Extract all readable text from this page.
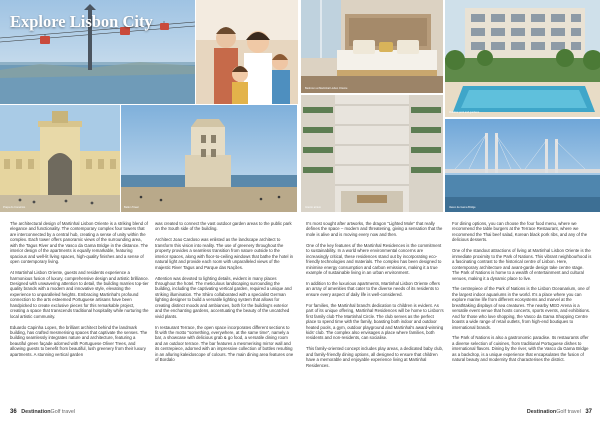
Explore Lisbon City
Bedroom at Martinhal Lisbon Oriente
Outdoor pool and gardens
Praça do Comércio	Belém Tower	Interior atrium	Vasco da Gama Bridge

The architectural design of Martinhal Lisbon Oriente is a striking blend of elegance and functionality. The contemporary complex four towers that are interconnected by a central hub, creating a sense of unity within the complex. Each tower offers panoramic views of the surrounding area, with the Tagus River and the Vasco da Gama Bridge in the distance. The interior design of the apartments is equally remarkable, featuring spacious and well-lit living spaces, high-quality finishes and a sense of open contemporary living.

At Martinhal Lisbon Oriente, guests and residents experience a harmonious fusion of luxury, comprehensive design and artistic brilliance. Designed with unwavering attention to detail, the building marries top-tier quality brands with a modern and innovative style, elevating the experience to unparalleled heights. Embracing Martinhal's profound connection to the arts esteemed Portuguese artisans have been handpicked to create exclusive pieces for this remarkable project, creating a space that transcends traditional hospitality while nurturing the local artistic community.

Eduardo Capinha Lopes, the brilliant architect behind the landmark building, has crafted mesmerising spaces that captivate the senses. The building seamlessly integrates nature and architecture, featuring a beautiful green façade adorned with Portuguese Oliver Trees, and allowing guests to benefit from beautiful, lush greenery from their luxury apartments. A stunning vertical garden

was created to connect the vast outdoor garden areas to the public park on the South side of the building.

Architect Joao Cardoso was enlisted as the landscape architect to transform this vision into reality. The use of greenery throughout the property provides a seamless transition from nature outside to the interior spaces, along with floor-to-ceiling windows that bathe the hotel in natural light and provide each room with unparalleled views of the majestic River Tagus and Parque das Nações.

Attention was devoted to lighting details, evident in many places throughout the hotel. The meticulous landscaping surrounding the building, including the captivating vertical garden, required a unique and striking illumination. The Shiiro collaborated with a specialist German lighting designer to build a versatile lighting system that allows for creating distinct moods and ambiances, both for the building's exterior and the enchanting gardens, accentuating the beauty of the uncatched vivid plants.

In restaurant Terrace, the open space incorporates different sections to fit with the motto "something, everywhere, at the same time", namely a bar, a showcase with delicious grab & go food, a versatile dining room and an outdoor terrace. The bar features a mesmerising mirror wall and its centrepiece, adorned with an impressive collection of bottles resulting in an alluring kaleidoscope of colours. The main dining area features one of Bordalo

II's most sought after artworks, the dragon "Lighted Mole" that really defines the space – modern and threatening, giving a sensation that the mole is alive and is moving every now and then.

One of the key features of the Martinhal Residences is the commitment to sustainability. In a world where environmental concerns are increasingly critical, these residences stand out by incorporating eco-friendly technologies and materials. The complex has been designed to minimise energy consumption and carbon emissions, making it a true example of sustainable living in an urban environment.

In addition to the luxurious apartments, Martinhal Lisbon Oriente offers an array of amenities that cater to the diverse needs of its residents to ensure every aspect of daily life is well-considered.

For families, the Martinhal brand's dedication to children is evident. As part of its unique offering, Martinhal Residences will be home to Lisbon's first family club The Martinhal Circle. The club serves as the perfect place to spend time with the family, boasting both indoor and outdoor heated pools, a gym, outdoor playground and Martinhal's award-winning kids' club. The complex also envisages a place where families, both residents and non-residents, can socialise.

This family-oriented concept includes play areas, a dedicated baby club, and family-friendly dining options, all designed to ensure that children have a memorable and enjoyable experience living at Martinhal Residences.

For dining options, you can choose the four food menu, where we recommend the table burgers at the Terrace Restaurant, where we recommend the Thai beef salad, Korean black pork ribs, and any of the delicious desserts.

One of the standout attractions of living at Martinhal Lisbon Oriente is the immediate proximity to the Park of Nations. This vibrant neighbourhood is a fascinating contrast to the historical centre of Lisbon. Here, contemporary architecture and avant-garde design take centre stage. The Park of Nations is home to a wealth of entertainment and cultural venues, making it a dynamic place to live.

The centrepiece of the Park of Nations is the Lisbon Oceanarium, one of the largest indoor aquariums in the world. It's a place where you can explore marine life from different ecosystems and marvel at the breathtaking displays of sea creatures. The nearby MEO Arena is a versatile event venue that hosts concerts, sports events, and exhibitions. And for those who love shopping, the Vasco da Gama Shopping Centre boasts a wide range of retail outlets, from high-end boutiques to international brands.

The Park of Nations is also a gastronomic paradise. Its restaurants offer a diverse selection of cuisines, from traditional Portuguese dishes to international flavors. Dining by the river, with the Vasco da Gama Bridge as a backdrop, is a unique experience that encapsulates the fusion of natural beauty and modernity that characterises the district.

36 DestinationGolf travel	DestinationGolf travel 37
